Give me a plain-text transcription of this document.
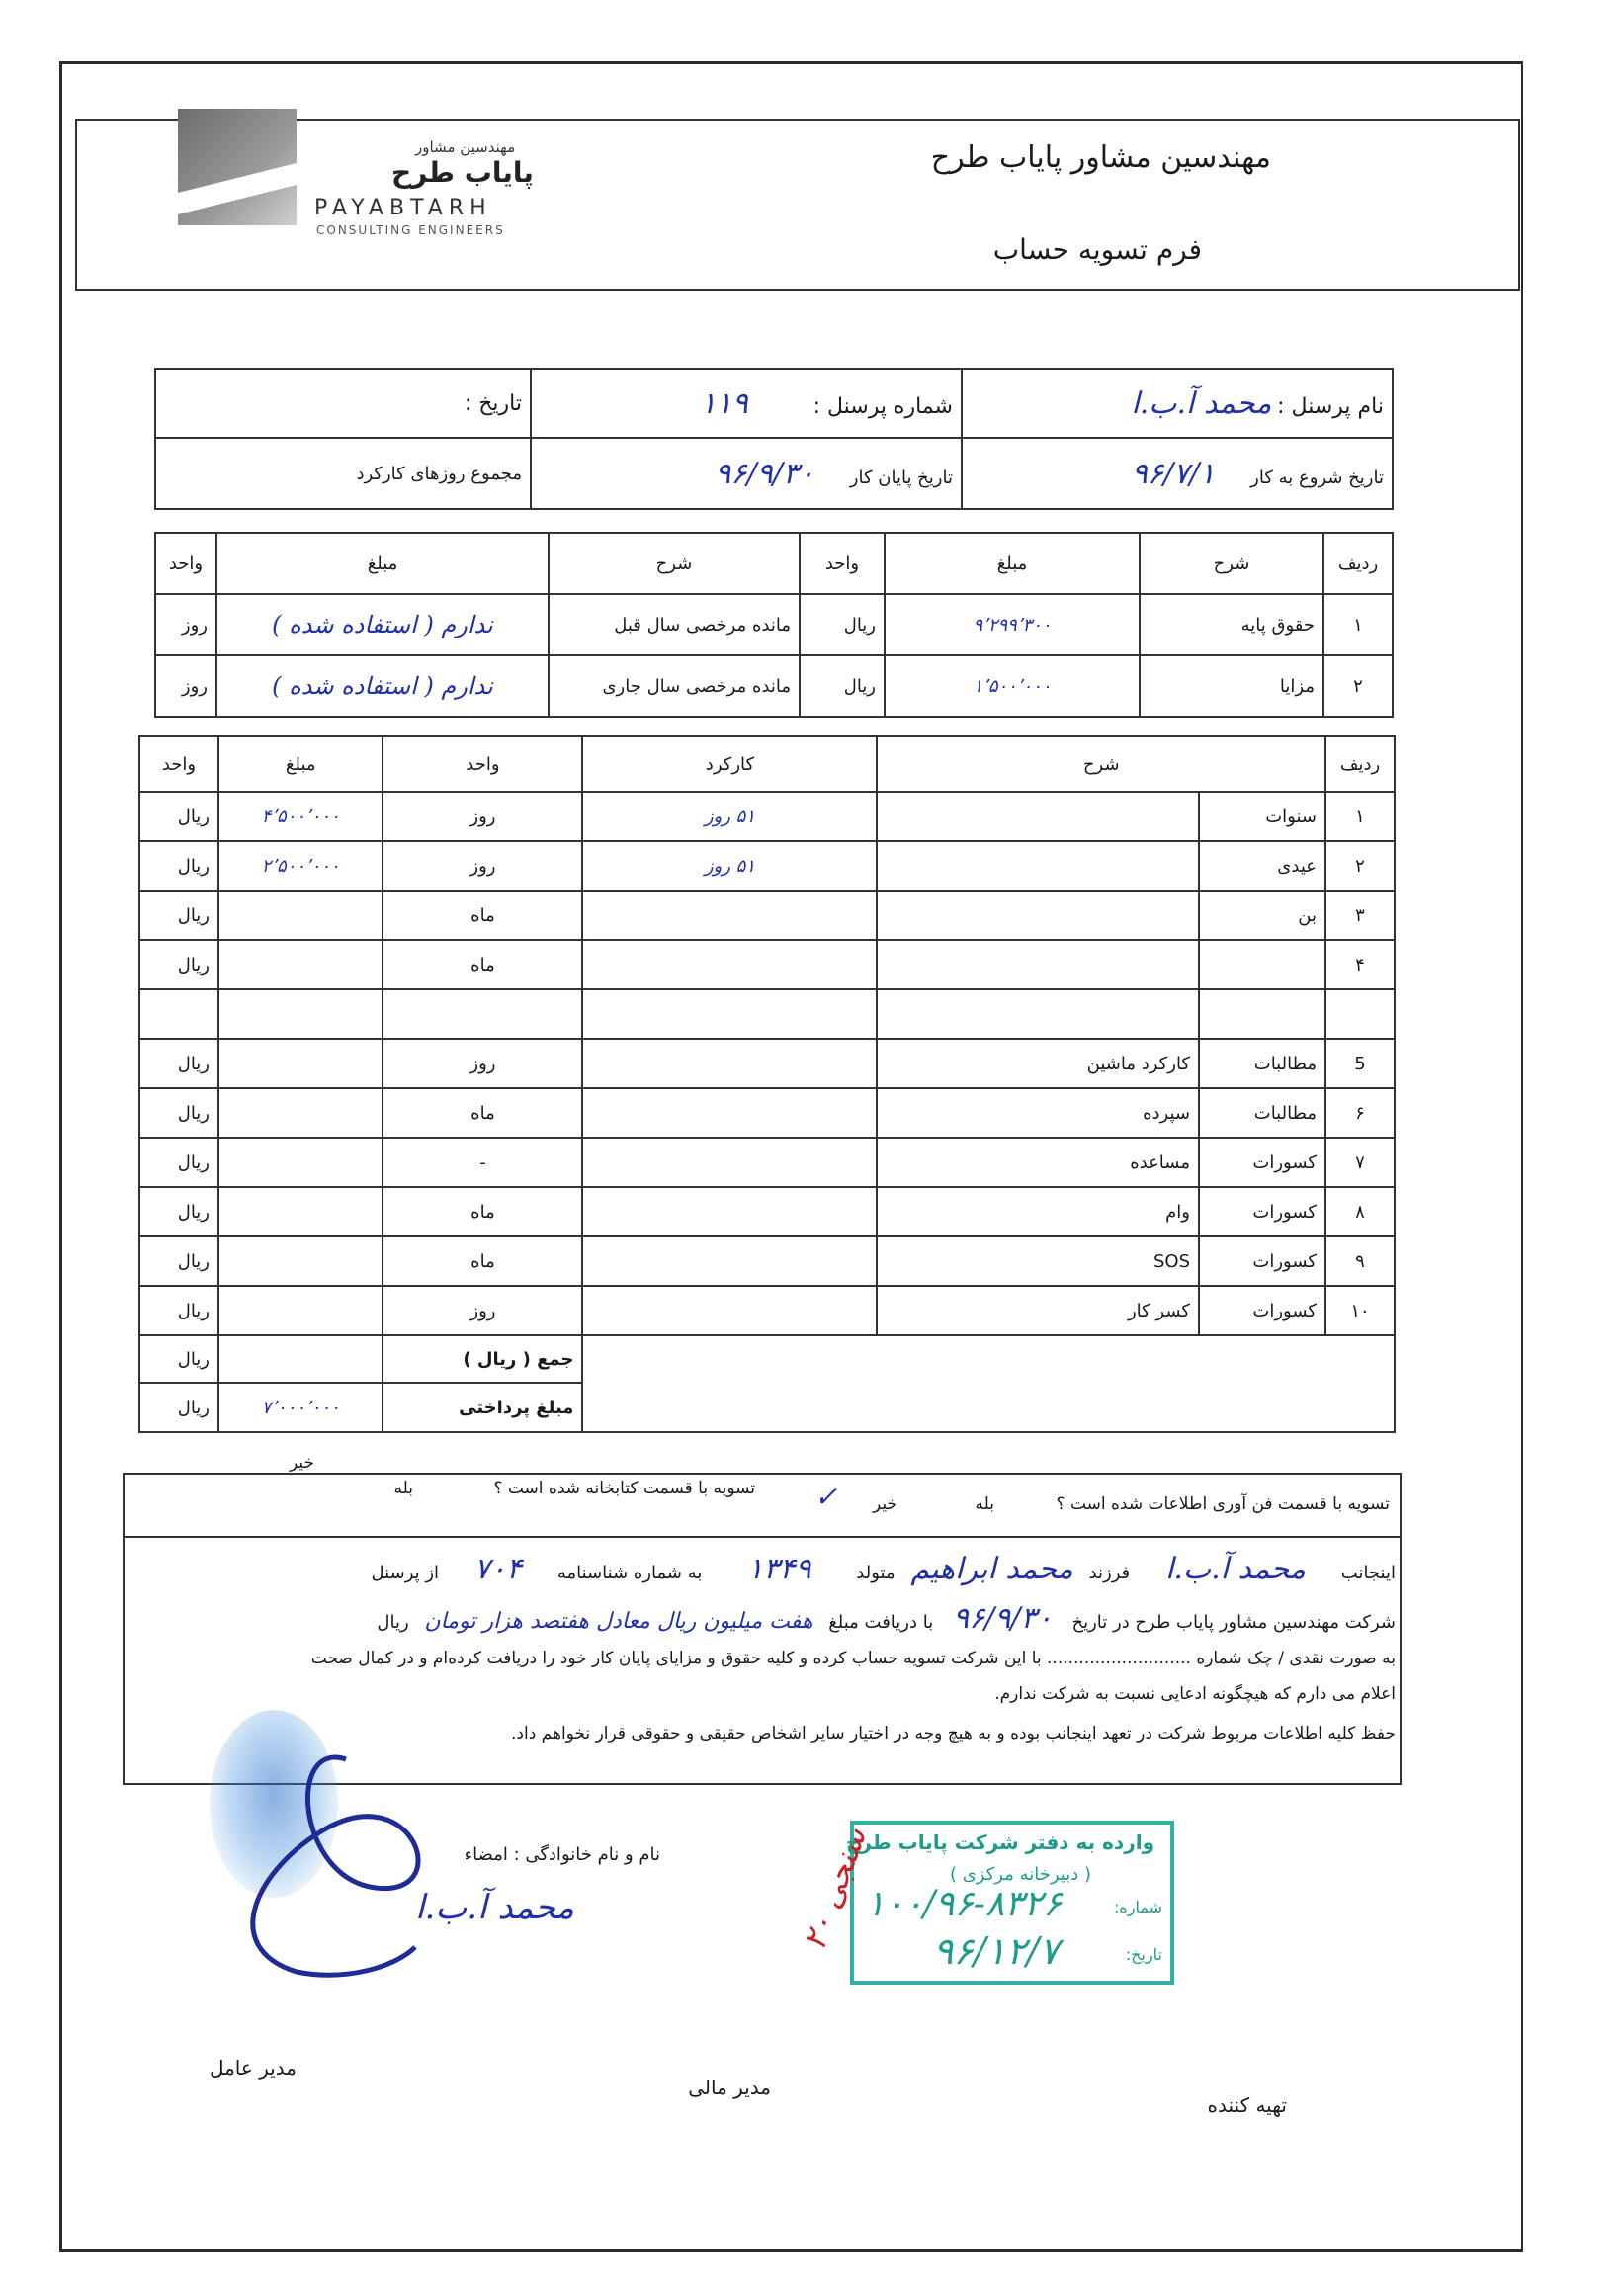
مهندسین مشاور
پایاب طرح
PAYABTARH
CONSULTING ENGINEERS
مهندسین مشاور پایاب طرح
فرم تسویه حساب
نام پرسنل : محمد آ.ب.ا	شماره پرسنل : ۱۱۹	تاریخ :
تاریخ شروع به کار ۹۶/۷/۱	تاریخ پایان کار ۹۶/۹/۳۰	مجموع روزهای کارکرد
ردیف	شرح	مبلغ	واحد	شرح	مبلغ	واحد
۱	حقوق پایه	۹٬۲۹۹٬۳۰۰	ریال	مانده مرخصی سال قبل	ندارم ( استفاده شده )	روز
۲	مزایا	۱٬۵۰۰٬۰۰۰	ریال	مانده مرخصی سال جاری	ندارم ( استفاده شده )	روز
ردیف	شرح		کارکرد	واحد	مبلغ	واحد
۱	سنوات		۵۱ روز	روز	۴٬۵۰۰٬۰۰۰	ریال
۲	عیدی		۵۱ روز	روز	۲٬۵۰۰٬۰۰۰	ریال
۳	بن			ماه		ریال
۴				ماه		ریال

5	مطالبات	کارکرد ماشین		روز		ریال
۶	مطالبات	سپرده		ماه		ریال
۷	کسورات	مساعده		-		ریال
۸	کسورات	وام		ماه		ریال
۹	کسورات	SOS		ماه		ریال
۱۰	کسورات	کسر کار		روز		ریال
				جمع ( ریال )		ریال
				مبلغ پرداختی	۷٬۰۰۰٬۰۰۰	ریال
تسویه با قسمت فن آوری اطلاعات شده است ؟
بله
خیر
✓
تسویه با قسمت کتابخانه شده است ؟
بله
خیر
اینجانب محمد آ.ب.ا فرزند محمد ابراهیم متولد ۱۳۴۹ به شماره شناسنامه ۷۰۴ از پرسنل
شرکت مهندسین مشاور پایاب طرح در تاریخ ۹۶/۹/۳۰ با دریافت مبلغ هفت میلیون ریال معادل هفتصد هزار تومان ریال
به صورت نقدی / چک شماره ........................... با این شرکت تسویه حساب کرده و کلیه حقوق و مزایای پایان کار خود را دریافت کرده‌ام و در کمال صحت
اعلام می دارم که هیچگونه ادعایی نسبت به شرکت ندارم.
حفظ کلیه اطلاعات مربوط شرکت در تعهد اینجانب بوده و به هیچ وجه در اختیار سایر اشخاص حقیقی و حقوقی قرار نخواهم داد.
نام و نام خانوادگی : امضاء
محمد آ.ب.ا
وارده به دفتر شرکت پایاب طرح
( دبیرخانه مرکزی )
شماره:
۱۰۰/۹۶-۸۳۲۶
تاریخ:
۹۶/۱۲/۷
۲۰ سنجی
تهیه کننده
مدیر مالی
مدیر عامل
